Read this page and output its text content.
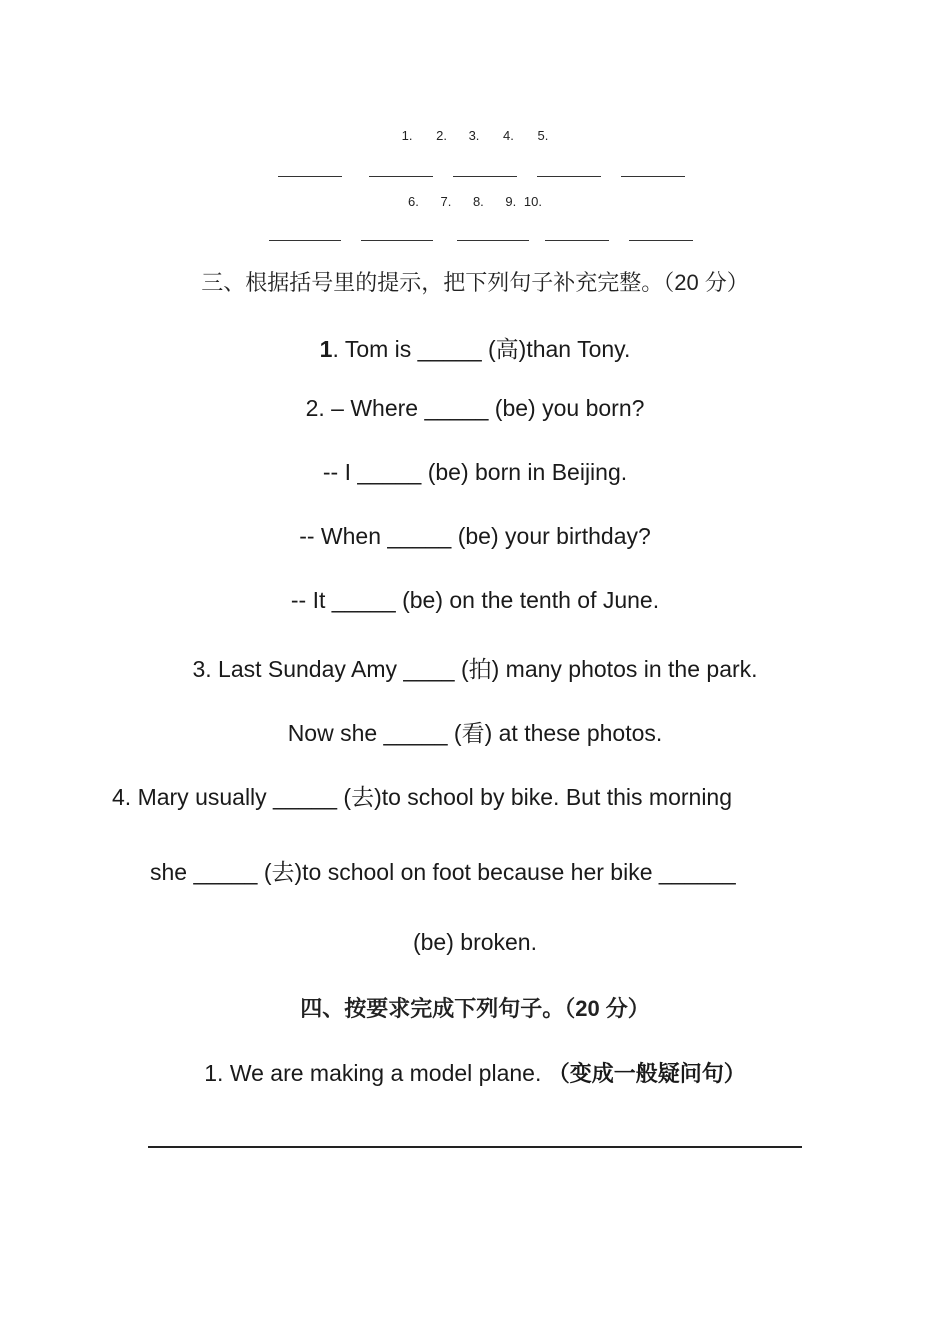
1. 2. 3. 4. 5.
6. 7. 8. 9. 10.
三、根据括号里的提示，把下列句子补充完整。（20 分）
1. Tom is _____ (高)than Tony.
2. – Where _____ (be) you born?
-- I _____ (be) born in Beijing.
-- When _____ (be) your birthday?
-- It _____ (be) on the tenth of June.
3. Last Sunday Amy ____ (拍) many photos in the park.
Now she _____ (看) at these photos.
4. Mary usually _____ (去)to school by bike. But this morning
she _____ (去)to school on foot because her bike ______
(be) broken.
四、按要求完成下列句子。（20 分）
1. We are making a model plane. （变成一般疑问句）
